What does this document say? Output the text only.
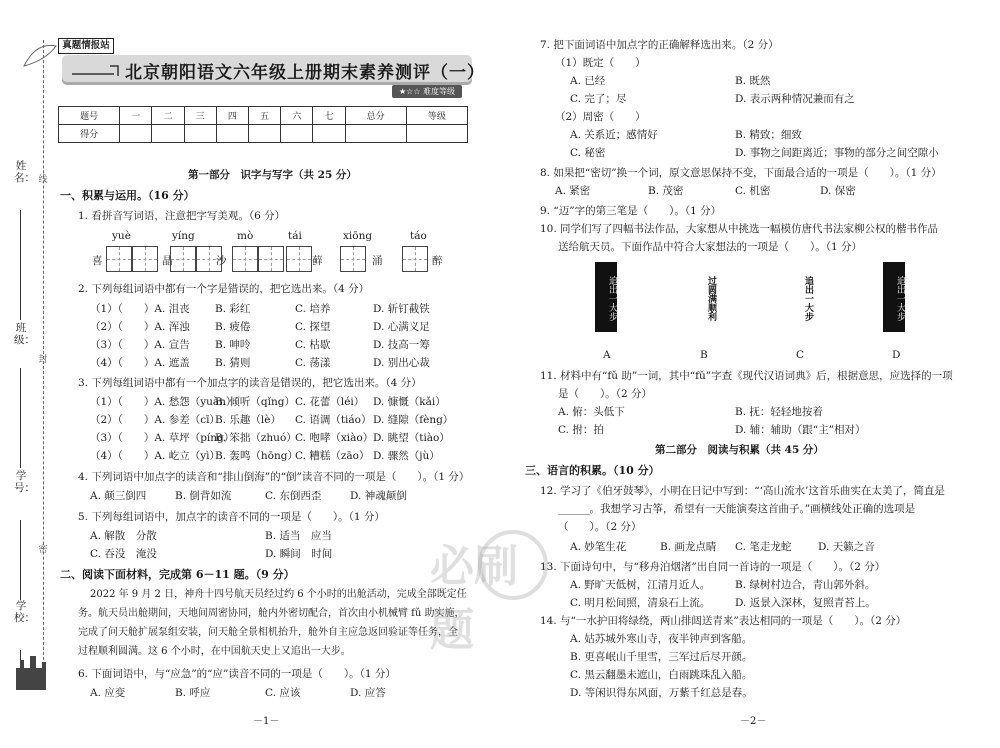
姓名：
班级：
学号：
学校：
线
封
密
真题情报站
北京朝阳语文六年级上册期末素养测评（一）
★☆☆ 难度等级
题号	一	二	三	四	五	六	七	总分	等级
得分									
第一部分　识字与写字（共 25 分）
一、积累与运用。（16 分）
1. 看拼音写词语，注意把字写美观。（6 分）
yuè	yíng	mò	tái	xiōng	táo
喜	晶	沙	藓	涌	醉
2. 下列每组词语中都有一个字是错误的，把它选出来。（4 分）
（1）（　　）A. 沮丧 B. 彩红	C. 培养	D. 斩钉截铁
（2）（　　）A. 浑浊 B. 疲倦	C. 探望	D. 心满义足
（3）（　　）A. 宣告 B. 呻呤	C. 枯歇	D. 技高一筹
（4）（　　）A. 遮盖 B. 猜则	C. 荡漾	D. 别出心裁
3. 下列每组词语中都有一个加点字的读音是错误的，把它选出来。（4 分）
（1）（　　）A. 愁怨（yuàn）
B. 倾听（qǐng） C. 花蕾（léi） D. 慷慨（kǎi）
（2）（　　）A. 参差（cī）
B. 乐趣（lè） C. 语调（tiáo） D. 缝隙（fèng）
（3）（　　）A. 草坪（píng）
B. 笨拙（zhuó）
C. 咆哮（xiào） D. 眺望（tiào）
（4）（　　）A. 屹立（yì）
B. 轰鸣（hōng）
C. 糟糕（zāo） D. 骤然（jù）
4. 下列词语中加点字的读音和“排山倒海”的“倒”读音不同的一项是（　　）。（1 分）
A. 颠三倒四	B. 倒背如流	C. 东倒西歪	D. 神魂颠倒
5. 下列每组词语中，加点字的读音不同的一项是（　　）。（1 分）
A. 解散　分散	B. 适当　应当
C. 吞没　淹没	D. 瞬间　时间
二、阅读下面材料，完成第 6－11 题。（9 分）
2022 年 9 月 2 日，神舟十四号航天员经过约 6 个小时的出舱活动，完成全部既定任
务。航天员出舱期间，天地间周密协同，舱内外密切配合，首次由小机械臂 fǔ 助实施，
完成了问天舱扩展泵组安装，问天舱全景相机抬升，舱外自主应急返回验证等任务，全
过程顺利圆满。这 6 个小时，在中国航天史上又追出一大步。
6. 下面词语中，与“应急”的“应”读音不同的一项是（　　）。（1 分）
A. 应变	B. 呼应	C. 应该	D. 应答
－1－
7. 把下面词语中加点字的正确解释选出来。（2 分）
（1）既定（　　）
A. 已经	B. 既然
C. 完了；尽	D. 表示两种情况兼而有之
（2）周密（　　）
A. 关系近；感情好	B. 精致；细致
C. 秘密	D. 事物之间距离近；事物的部分之间空隙小
8. 如果把“密切”换一个词，原文意思保持不变，下面最合适的一项是（　　）。（1 分）
A. 紧密	B. 茂密	C. 机密	D. 保密
9. “迈”字的第三笔是（　　）。（1 分）
10. 同学们写了四幅书法作品，大家想从中挑选一幅模仿唐代书法家柳公权的楷书作品
送给航天员。下面作品中符合大家想法的一项是（　　）。（1 分）
追出一大步	过圆满顺利	追出一大步	追出一大步
A	B	C	D
11. 材料中有“fǔ 助”一词，其中“fǔ”字查《现代汉语词典》后，根据意思，应选择的一项
是（　　）。（2 分）
A. 俯：头低下	B. 抚：轻轻地按着
C. 拊：拍	D. 辅：辅助（跟“主”相对）
第二部分　阅读与积累（共 45 分）
三、语言的积累。（10 分）
12. 学习了《伯牙鼓琴》，小明在日记中写到：“‘高山流水’这首乐曲实在太美了，简直是
______。我想学习古筝，希望有一天能演奏这首曲子。”画横线处正确的选项是
（　　）。（2 分）
A. 妙笔生花	B. 画龙点睛 C. 笔走龙蛇	D. 天籁之音
13. 下面诗句中，与“移舟泊烟渚”出自同一首诗的一项是（　　）。（2 分）
A. 野旷天低树，江清月近人。 B. 绿树村边合，青山郭外斜。
C. 明月松间照，清泉石上流。 D. 返景入深林，复照青苔上。
14. 与“一水护田将绿绕，两山排闼送青来”表达相同的一项是（　　）。（2 分）
A. 姑苏城外寒山寺，夜半钟声到客船。
B. 更喜岷山千里雪，三军过后尽开颜。
C. 黑云翻墨未遮山，白雨跳珠乱入船。
D. 等闲识得东风面，万紫千红总是春。
－2－
必刷题
